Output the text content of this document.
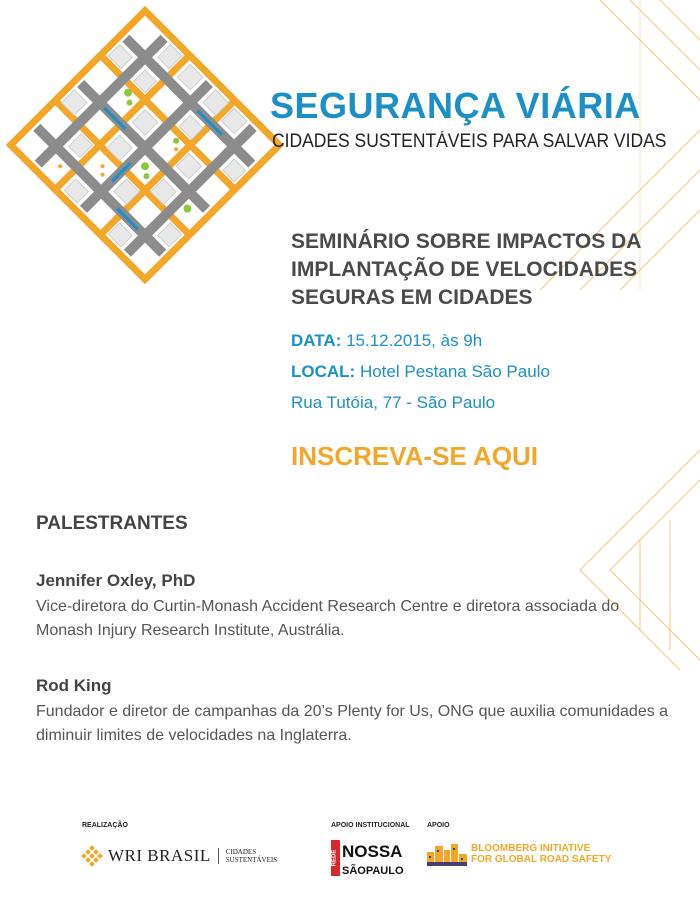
SEGURANÇA VIÁRIA
CIDADES SUSTENTÁVEIS PARA SALVAR VIDAS
SEMINÁRIO SOBRE IMPACTOS DA IMPLANTAÇÃO DE VELOCIDADES SEGURAS EM CIDADES
DATA: 15.12.2015, às 9h
LOCAL: Hotel Pestana São Paulo
Rua Tutóia, 77 - São Paulo
INSCREVA-SE AQUI
PALESTRANTES
Jennifer Oxley, PhD
Vice-diretora do Curtin-Monash Accident Research Centre e diretora associada do Monash Injury Research Institute, Austrália.
Rod King
Fundador e diretor de campanhas da 20’s Plenty for Us, ONG que auxilia comunidades a diminuir limites de velocidades na Inglaterra.
REALIZAÇÃO
WRI BRASIL CIDADES
SUSTENTÁVEIS
APOIO INSTITUCIONAL
REDE NOSSA
SÃOPAULO
APOIO
BLOOMBERG INITIATIVE
FOR GLOBAL ROAD SAFETY
